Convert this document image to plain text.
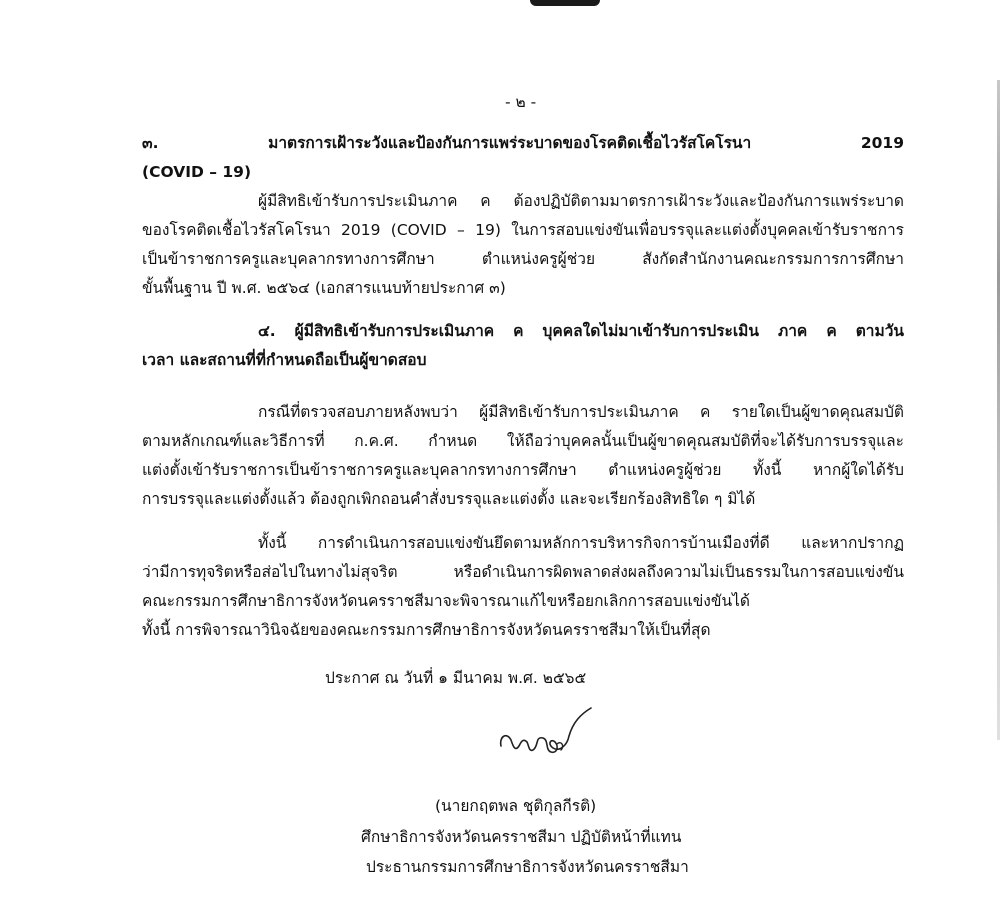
- ๒ -
๓. มาตรการเฝ้าระวังและป้องกันการแพร่ระบาดของโรคติดเชื้อไวรัสโคโรนา 2019
(COVID – 19)
ผู้มีสิทธิเข้ารับการประเมินภาค ค ต้องปฏิบัติตามมาตรการเฝ้าระวังและป้องกันการแพร่ระบาด
ของโรคติดเชื้อไวรัสโคโรนา 2019 (COVID – 19) ในการสอบแข่งขันเพื่อบรรจุและแต่งตั้งบุคคลเข้ารับราชการ
เป็นข้าราชการครูและบุคลากรทางการศึกษา ตำแหน่งครูผู้ช่วย สังกัดสำนักงานคณะกรรมการการศึกษา
ขั้นพื้นฐาน ปี พ.ศ. ๒๕๖๔ (เอกสารแนบท้ายประกาศ ๓)
๔. ผู้มีสิทธิเข้ารับการประเมินภาค ค บุคคลใดไม่มาเข้ารับการประเมิน ภาค ค ตามวัน
เวลา และสถานที่ที่กำหนดถือเป็นผู้ขาดสอบ
กรณีที่ตรวจสอบภายหลังพบว่า ผู้มีสิทธิเข้ารับการประเมินภาค ค รายใดเป็นผู้ขาดคุณสมบัติ
ตามหลักเกณฑ์และวิธีการที่ ก.ค.ศ. กำหนด ให้ถือว่าบุคคลนั้นเป็นผู้ขาดคุณสมบัติที่จะได้รับการบรรจุและ
แต่งตั้งเข้ารับราชการเป็นข้าราชการครูและบุคลากรทางการศึกษา ตำแหน่งครูผู้ช่วย ทั้งนี้ หากผู้ใดได้รับ
การบรรจุและแต่งตั้งแล้ว ต้องถูกเพิกถอนคำสั่งบรรจุและแต่งตั้ง และจะเรียกร้องสิทธิใด ๆ มิได้
ทั้งนี้ การดำเนินการสอบแข่งขันยึดตามหลักการบริหารกิจการบ้านเมืองที่ดี และหากปรากฏ
ว่ามีการทุจริตหรือส่อไปในทางไม่สุจริต หรือดำเนินการผิดพลาดส่งผลถึงความไม่เป็นธรรมในการสอบแข่งขัน
คณะกรรมการศึกษาธิการจังหวัดนครราชสีมาจะพิจารณาแก้ไขหรือยกเลิกการสอบแข่งขันได้
ทั้งนี้ การพิจารณาวินิจฉัยของคณะกรรมการศึกษาธิการจังหวัดนครราชสีมาให้เป็นที่สุด
ประกาศ ณ วันที่ ๑ มีนาคม พ.ศ. ๒๕๖๕
(นายกฤตพล ชุติกุลกีรติ)
ศึกษาธิการจังหวัดนครราชสีมา ปฏิบัติหน้าที่แทน
ประธานกรรมการศึกษาธิการจังหวัดนครราชสีมา
